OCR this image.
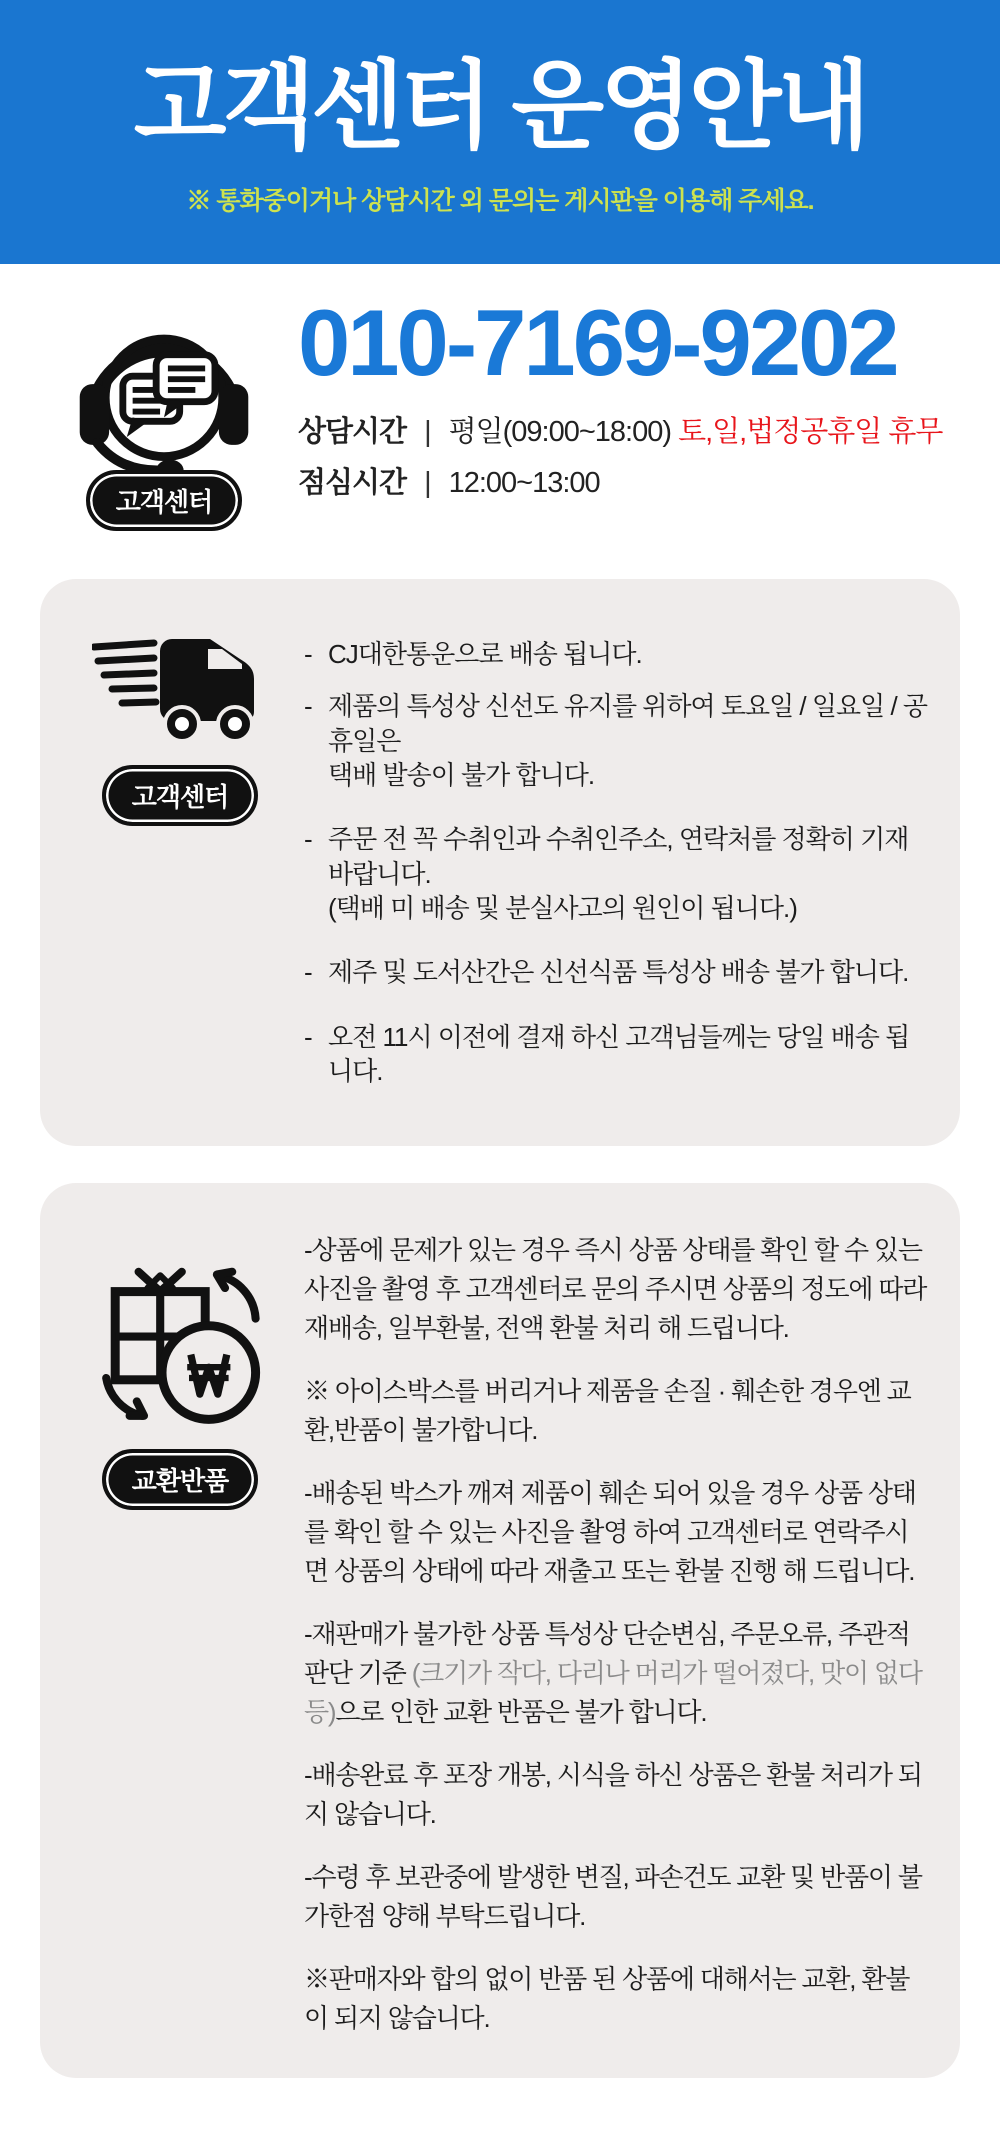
고객센터 운영안내

※ 통화중이거나 상담시간 외 문의는 게시판을 이용해 주세요.

고객센터
010-7169-9202
상담시간 | 평일(09:00~18:00) 토,일,법정공휴일 휴무
점심시간 | 12:00~13:00
고객센터
- CJ대한통운으로 배송 됩니다.
- 제품의 특성상 신선도 유지를 위하여 토요일 / 일요일 / 공휴일은
택배 발송이 불가 합니다.
- 주문 전 꼭 수취인과 수취인주소, 연락처를 정확히 기재 바랍니다.
(택배 미 배송 및 분실사고의 원인이 됩니다.)
- 제주 및 도서산간은 신선식품 특성상 배송 불가 합니다.
- 오전 11시 이전에 결재 하신 고객님들께는 당일 배송 됩니다.
교환반품

-상품에 문제가 있는 경우 즉시 상품 상태를 확인 할 수 있는 사진을 촬영 후 고객센터로 문의 주시면 상품의 정도에 따라 재배송, 일부환불, 전액 환불 처리 해 드립니다.

※ 아이스박스를 버리거나 제품을 손질 · 훼손한 경우엔 교환,반품이 불가합니다.

-배송된 박스가 깨져 제품이 훼손 되어 있을 경우 상품 상태를 확인 할 수 있는 사진을 촬영 하여 고객센터로 연락주시면 상품의 상태에 따라 재출고 또는 환불 진행 해 드립니다.

-재판매가 불가한 상품 특성상 단순변심, 주문오류, 주관적 판단 기준 (크기가 작다, 다리나 머리가 떨어졌다, 맛이 없다 등)으로 인한 교환 반품은 불가 합니다.

-배송완료 후 포장 개봉, 시식을 하신 상품은 환불 처리가 되지 않습니다.

-수령 후 보관중에 발생한 변질, 파손건도 교환 및 반품이 불가한점 양해 부탁드립니다.

※판매자와 합의 없이 반품 된 상품에 대해서는 교환, 환불이 되지 않습니다.
